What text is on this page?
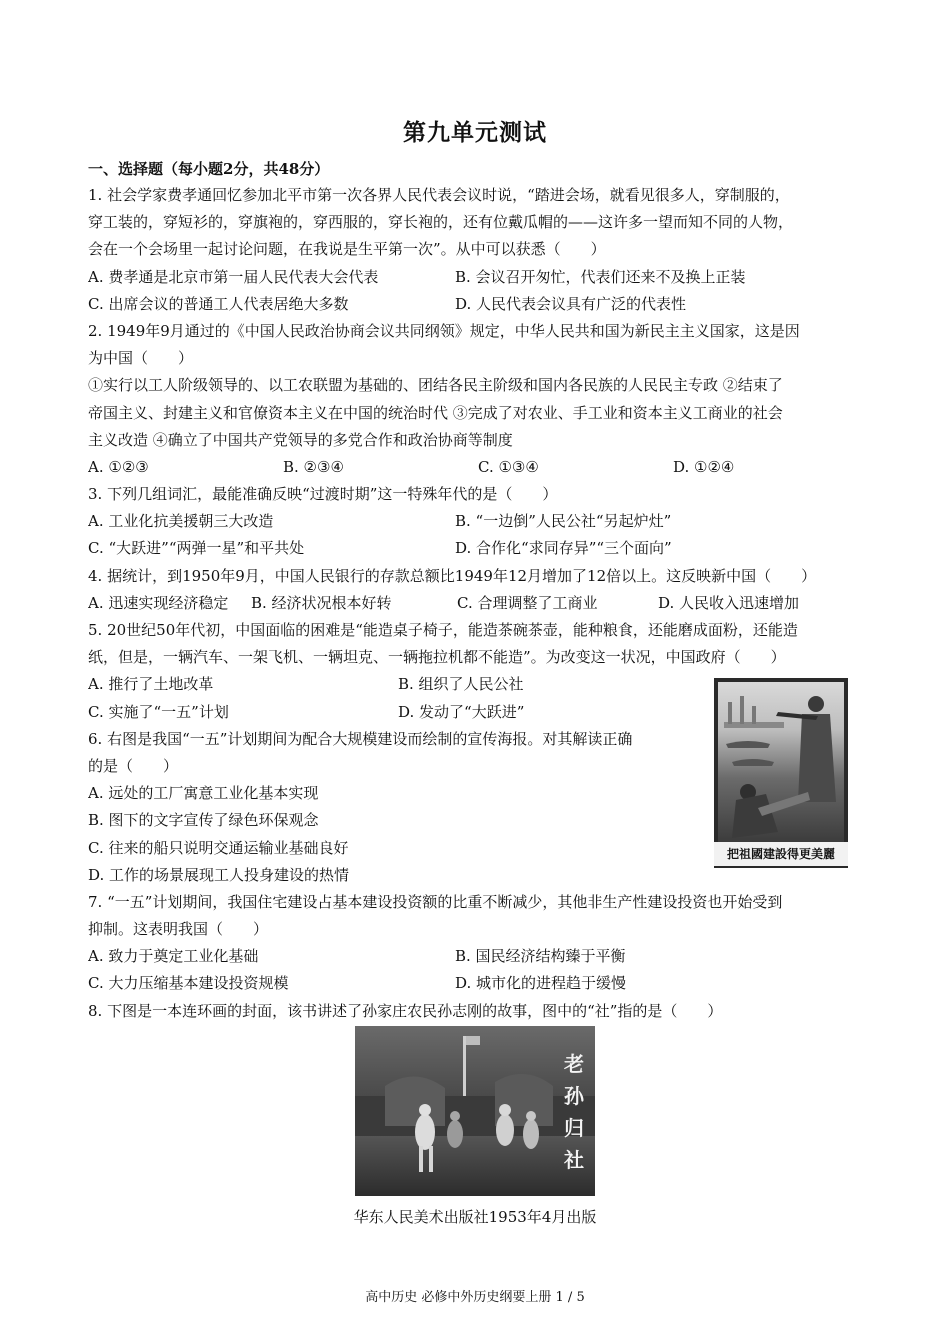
第九单元测试
一、选择题（每小题2分，共48分）
1. 社会学家费孝通回忆参加北平市第一次各界人民代表会议时说，“踏进会场，就看见很多人，穿制服的，
穿工装的，穿短衫的，穿旗袍的，穿西服的，穿长袍的，还有位戴瓜帽的——这许多一望而知不同的人物，
会在一个会场里一起讨论问题，在我说是生平第一次”。从中可以获悉（　　）
A. 费孝通是北京市第一届人民代表大会代表	B. 会议召开匆忙，代表们还来不及换上正装
C. 出席会议的普通工人代表居绝大多数	D. 人民代表会议具有广泛的代表性
2. 1949年9月通过的《中国人民政治协商会议共同纲领》规定，中华人民共和国为新民主主义国家，这是因
为中国（　　）
①实行以工人阶级领导的、以工农联盟为基础的、团结各民主阶级和国内各民族的人民民主专政 ②结束了
帝国主义、封建主义和官僚资本主义在中国的统治时代 ③完成了对农业、手工业和资本主义工商业的社会
主义改造 ④确立了中国共产党领导的多党合作和政治协商等制度
A. ①②③	B. ②③④	C. ①③④	D. ①②④
3. 下列几组词汇，最能准确反映“过渡时期”这一特殊年代的是（　　）
A. 工业化抗美援朝三大改造	B. “一边倒”人民公社“另起炉灶”
C. “大跃进”“两弹一星”和平共处	D. 合作化“求同存异”“三个面向”
4. 据统计，到1950年9月，中国人民银行的存款总额比1949年12月增加了12倍以上。这反映新中国（　　）
A. 迅速实现经济稳定	B. 经济状况根本好转	C. 合理调整了工商业	D. 人民收入迅速增加
5. 20世纪50年代初，中国面临的困难是“能造桌子椅子，能造茶碗茶壶，能种粮食，还能磨成面粉，还能造
纸，但是，一辆汽车、一架飞机、一辆坦克、一辆拖拉机都不能造”。为改变这一状况，中国政府（　　）
A. 推行了土地改革	B. 组织了人民公社
C. 实施了“一五”计划	D. 发动了“大跃进”
6. 右图是我国“一五”计划期间为配合大规模建设而绘制的宣传海报。对其解读正确
的是（　　）
A. 远处的工厂寓意工业化基本实现
B. 图下的文字宣传了绿色环保观念
C. 往来的船只说明交通运输业基础良好
D. 工作的场景展现工人投身建设的热情
7. “一五”计划期间，我国住宅建设占基本建设投资额的比重不断减少，其他非生产性建设投资也开始受到
抑制。这表明我国（　　）
A. 致力于奠定工业化基础	B. 国民经济结构臻于平衡
C. 大力压缩基本建设投资规模	D. 城市化的进程趋于缓慢
8. 下图是一本连环画的封面，该书讲述了孙家庄农民孙志刚的故事，图中的“社”指的是（　　）
把祖國建設得更美麗
老孙归社
华东人民美术出版社1953年4月出版
高中历史 必修中外历史纲要上册 1 / 5
